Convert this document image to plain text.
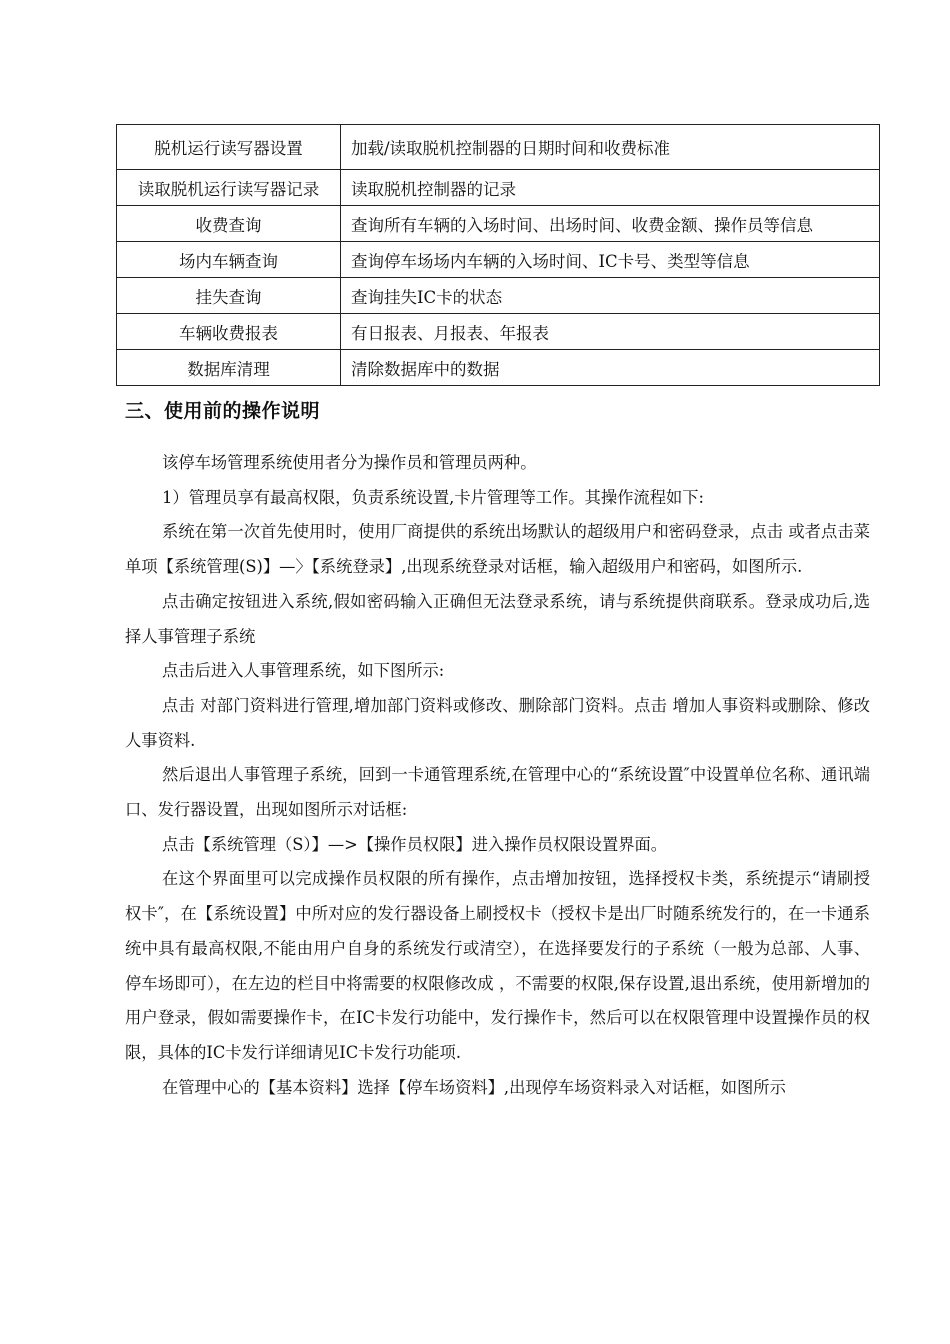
脱机运行读写器设置	加载/读取脱机控制器的日期时间和收费标准
读取脱机运行读写器记录	读取脱机控制器的记录
收费查询	查询所有车辆的入场时间、出场时间、收费金额、操作员等信息
场内车辆查询	查询停车场场内车辆的入场时间、IC卡号、类型等信息
挂失查询	查询挂失IC卡的状态
车辆收费报表	有日报表、月报表、年报表
数据库清理	清除数据库中的数据
三、使用前的操作说明

该停车场管理系统使用者分为操作员和管理员两种。

1）管理员享有最高权限，负责系统设置,卡片管理等工作。其操作流程如下:

系统在第一次首先使用时，使用厂商提供的系统出场默认的超级用户和密码登录，点击 或者点击菜单项【系统管理(S)】—〉【系统登录】,出现系统登录对话框，输入超级用户和密码，如图所示.

点击确定按钮进入系统,假如密码输入正确但无法登录系统，请与系统提供商联系。登录成功后,选择人事管理子系统

点击后进入人事管理系统，如下图所示:

点击 对部门资料进行管理,增加部门资料或修改、删除部门资料。点击 增加人事资料或删除、修改人事资料.

然后退出人事管理子系统，回到一卡通管理系统,在管理中心的“系统设置″中设置单位名称、通讯端口、发行器设置，出现如图所示对话框:

点击【系统管理（S）】—>【操作员权限】进入操作员权限设置界面。

在这个界面里可以完成操作员权限的所有操作，点击增加按钮，选择授权卡类，系统提示“请刷授权卡″，在【系统设置】中所对应的发行器设备上刷授权卡（授权卡是出厂时随系统发行的，在一卡通系统中具有最高权限,不能由用户自身的系统发行或清空），在选择要发行的子系统（一般为总部、人事、停车场即可），在左边的栏目中将需要的权限修改成 ，不需要的权限,保存设置,退出系统，使用新增加的用户登录，假如需要操作卡，在IC卡发行功能中，发行操作卡，然后可以在权限管理中设置操作员的权限，具体的IC卡发行详细请见IC卡发行功能项.

在管理中心的【基本资料】选择【停车场资料】,出现停车场资料录入对话框，如图所示
